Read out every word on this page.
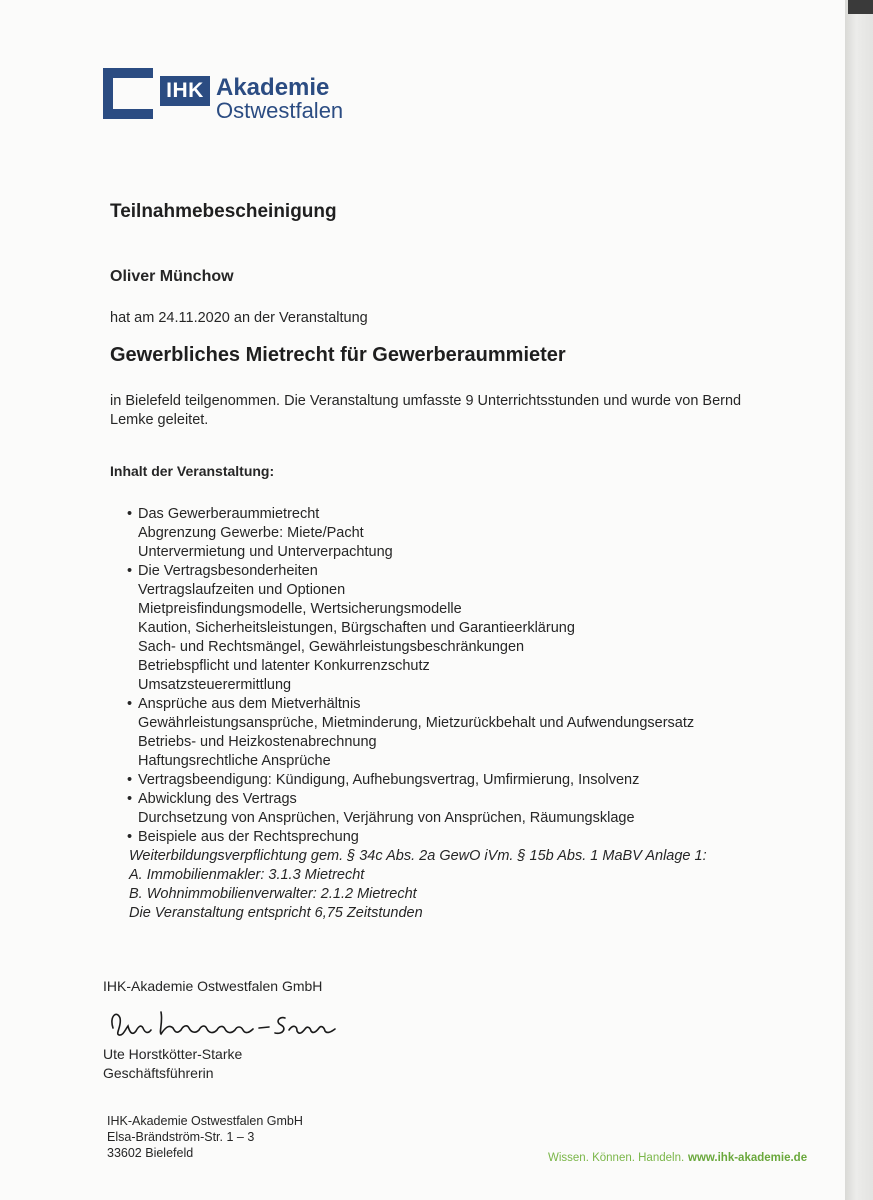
IHK Akademie
Ostwestfalen
Teilnahmebescheinigung
Oliver Münchow
hat am 24.11.2020 an der Veranstaltung
Gewerbliches Mietrecht für Gewerberaummieter
in Bielefeld teilgenommen. Die Veranstaltung umfasste 9 Unterrichtsstunden und wurde von Bernd Lemke geleitet.
Inhalt der Veranstaltung:
• Das Gewerberaummietrecht
Abgrenzung Gewerbe: Miete/Pacht
Untervermietung und Unterverpachtung
• Die Vertragsbesonderheiten
Vertragslaufzeiten und Optionen
Mietpreisfindungsmodelle, Wertsicherungsmodelle
Kaution, Sicherheitsleistungen, Bürgschaften und Garantieerklärung
Sach- und Rechtsmängel, Gewährleistungsbeschränkungen
Betriebspflicht und latenter Konkurrenzschutz
Umsatzsteuerermittlung
• Ansprüche aus dem Mietverhältnis
Gewährleistungsansprüche, Mietminderung, Mietzurückbehalt und Aufwendungsersatz
Betriebs- und Heizkostenabrechnung
Haftungsrechtliche Ansprüche
• Vertragsbeendigung: Kündigung, Aufhebungsvertrag, Umfirmierung, Insolvenz
• Abwicklung des Vertrags
Durchsetzung von Ansprüchen, Verjährung von Ansprüchen, Räumungsklage
• Beispiele aus der Rechtsprechung
Weiterbildungsverpflichtung gem. § 34c Abs. 2a GewO iVm. § 15b Abs. 1 MaBV Anlage 1:
A. Immobilienmakler: 3.1.3 Mietrecht
B. Wohnimmobilienverwalter: 2.1.2 Mietrecht
Die Veranstaltung entspricht 6,75 Zeitstunden
IHK-Akademie Ostwestfalen GmbH
Ute Horstkötter-Starke
Geschäftsführerin
IHK-Akademie Ostwestfalen GmbH
Elsa-Brändström-Str. 1 – 3
33602 Bielefeld	Wissen. Können. Handeln. www.ihk-akademie.de
